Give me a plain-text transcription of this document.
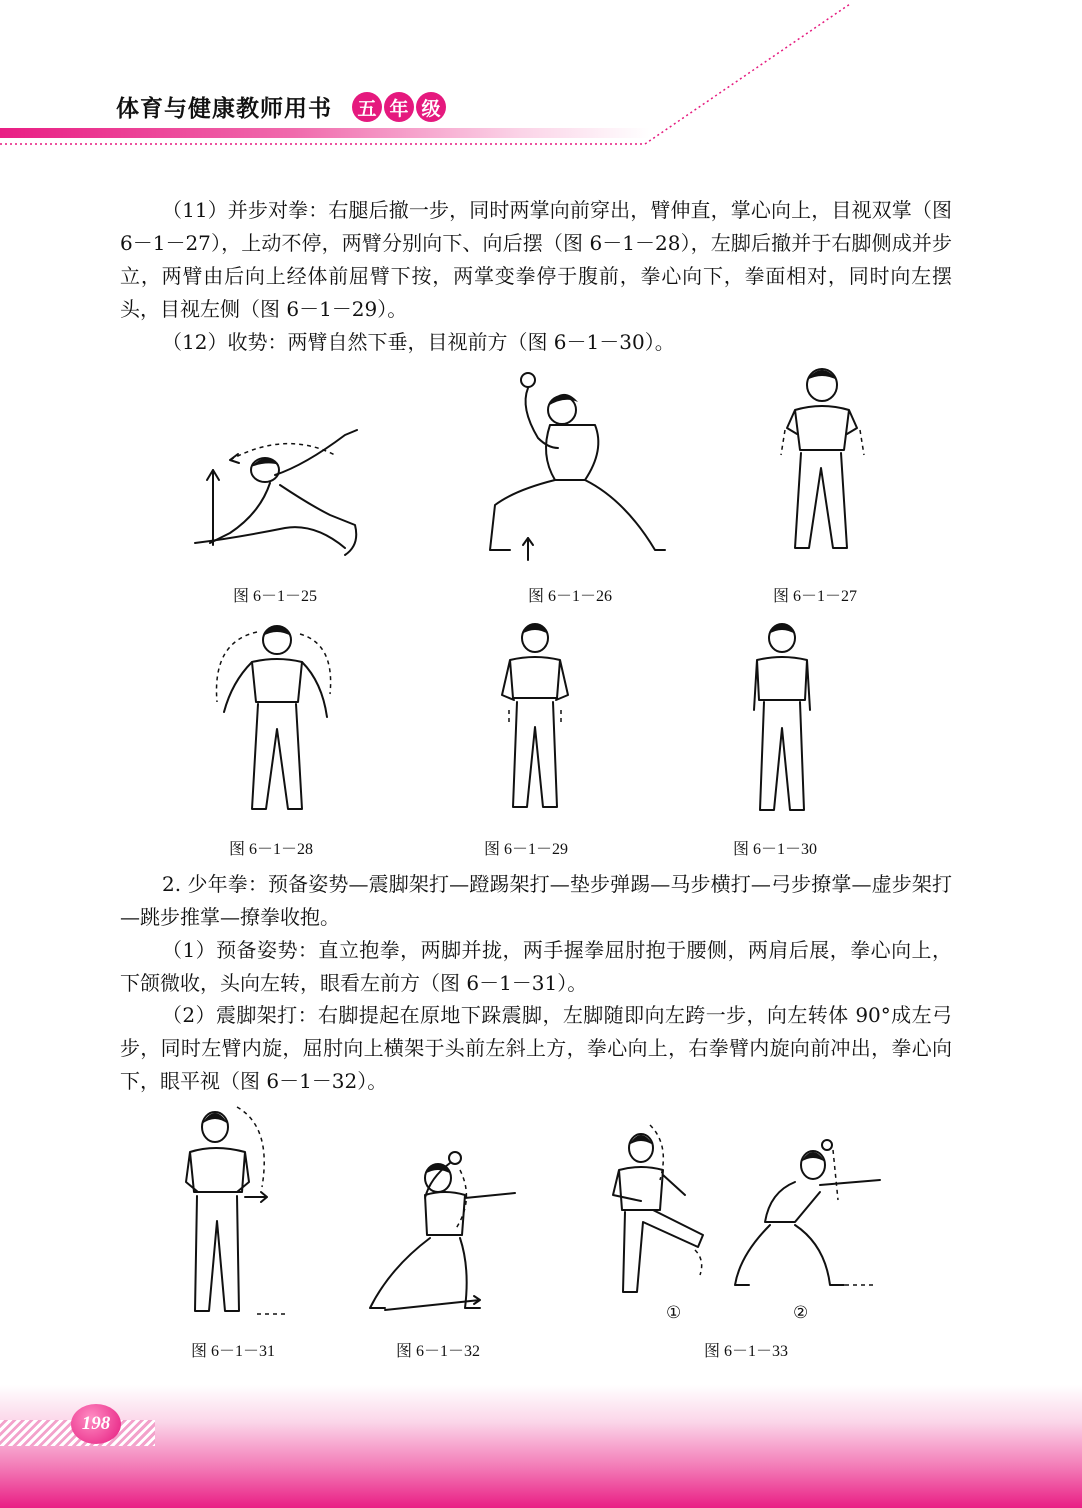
体育与健康教师用书 五 年 级

（11）并步对拳：右腿后撤一步，同时两掌向前穿出，臂伸直，掌心向上，目视双掌（图 6－1－27），上动不停，两臂分别向下、向后摆（图 6－1－28），左脚后撤并于右脚侧成并步立，两臂由后向上经体前屈臂下按，两掌变拳停于腹前，拳心向下，拳面相对，同时向左摆头，目视左侧（图 6－1－29）。

（12）收势：两臂自然下垂，目视前方（图 6－1－30）。

图 6－1－25	图 6－1－26	图 6－1－27
图 6－1－28	图 6－1－29	图 6－1－30

2. 少年拳：预备姿势—震脚架打—蹬踢架打—垫步弹踢—马步横打—弓步撩掌—虚步架打—跳步推掌—撩拳收抱。

（1）预备姿势：直立抱拳，两脚并拢，两手握拳屈肘抱于腰侧，两肩后展，拳心向上，下颌微收，头向左转，眼看左前方（图 6－1－31）。

（2）震脚架打：右脚提起在原地下跺震脚，左脚随即向左跨一步，向左转体 90°成左弓步，同时左臂内旋，屈肘向上横架于头前左斜上方，拳心向上，右拳臂内旋向前冲出，拳心向下，眼平视（图 6－1－32）。

图 6－1－31	图 6－1－32
①	②
图 6－1－33
198
